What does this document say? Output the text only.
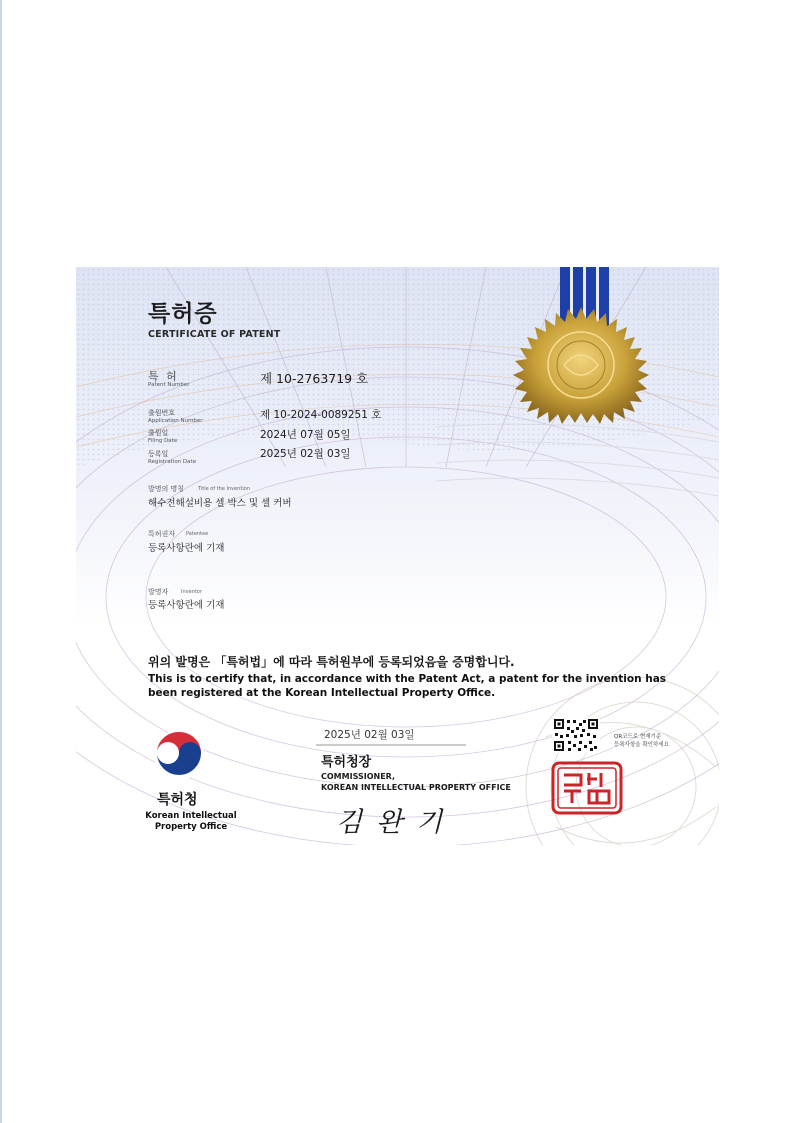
특허증
CERTIFICATE OF PATENT
특 허
Patent Number	제 10-2763719 호
출원번호
Application Number	제 10-2024-0089251 호
출원일
Filing Date	2024년 07월 05일
등록일
Registration Date
2025년 02월 03일
발명의 명칭	Title of the Invention
해수전해설비용 셀 박스 및 셀 커버
특허권자 Patentee
등록사항란에 기재
발명자	Inventor
등록사항란에 기재
위의 발명은 「특허법」에 따라 특허원부에 등록되었음을 증명합니다.
This is to certify that, in accordance with the Patent Act, a patent for the invention has been registered at the Korean Intellectual Property Office.
2025년 02월 03일
특허청장
COMMISSIONER,
KOREAN INTELLECTUAL PROPERTY OFFICE
김완기
QR코드로 현재기준
등록사항을 확인하세요
특허청
Korean Intellectual Property Office
